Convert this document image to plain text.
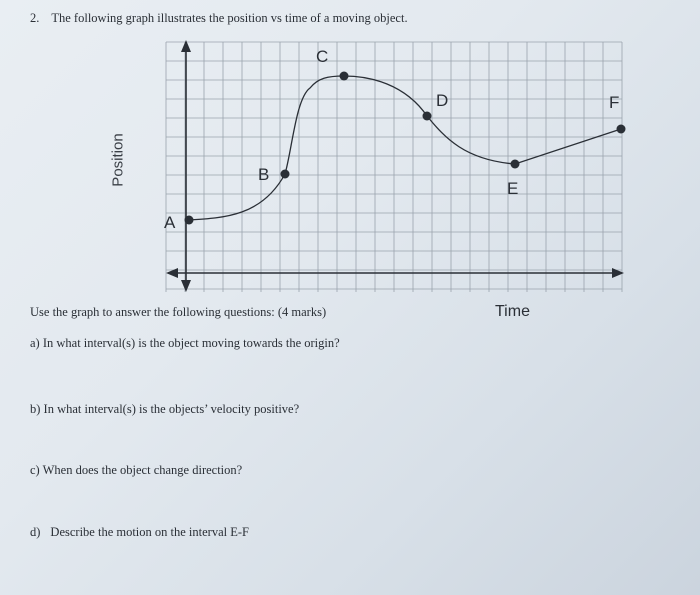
2. The following graph illustrates the position vs time of a moving object.
A
B
C
D
E
F
Position
Time
Use the graph to answer the following questions: (4 marks)
a) In what interval(s) is the object moving towards the origin?
b) In what interval(s) is the objects’ velocity positive?
c) When does the object change direction?
d) Describe the motion on the interval E-F
